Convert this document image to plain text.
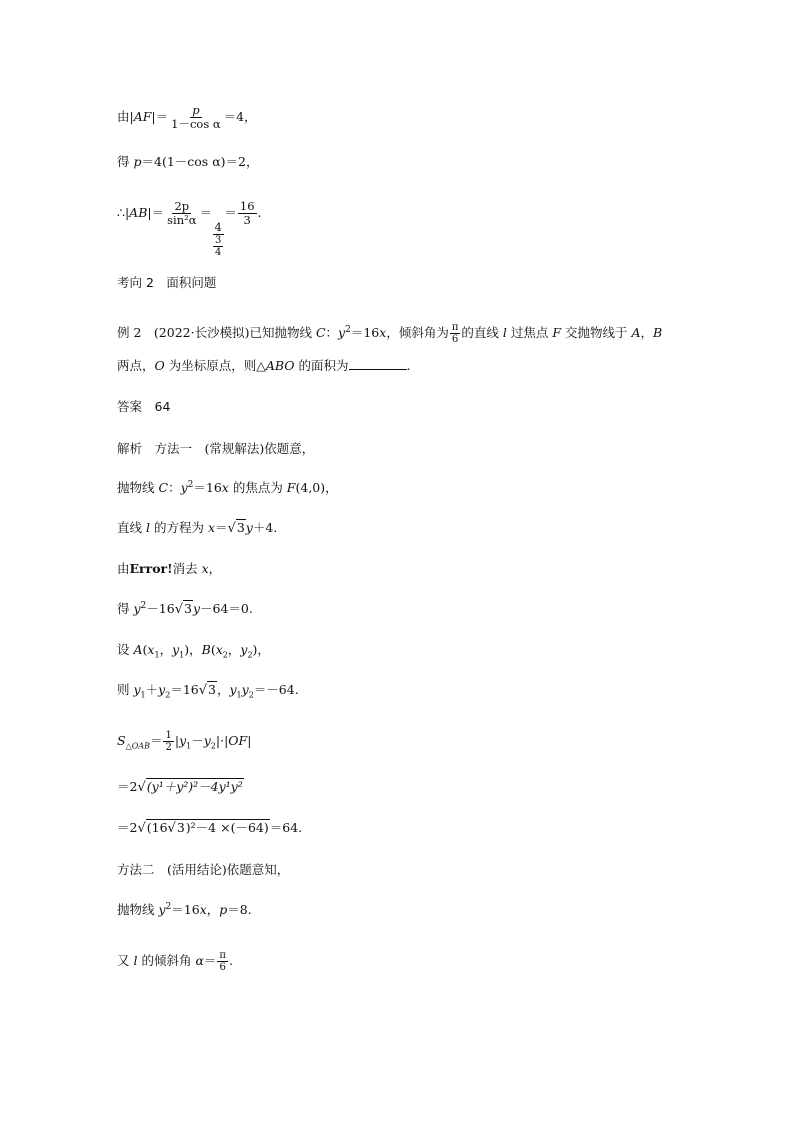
由$|AF|= \frac{p}{\text{1－cos α}} =4$，
得 p＝4(1－cos α)＝2，
∴|AB|＝ $\frac{2p}{\text{sin²α}}$ ＝
$\frac{4}{\frac{3}{4}}$
＝ $\frac{16}{3}$ .
考向 2　面积问题
例 2　(2022·长沙模拟)已知抛物线 C：$y^2=16x$，倾斜角为 $\frac{\pi}{6}$ 的直线 l 过焦点 F 交抛物线于 A，B
两点，O 为坐标原点，则△ABO 的面积为	.
答案　64
解析　方法一　(常规解法)依题意，
抛物线 C：$y^2=16x$ 的焦点为 F(4,0)，
直线 l 的方程为 x＝√3y＋4.
由Error!消去 x，
得 $y^2-16√3y-64=0$.
设 $A(x_1$，$y_1$)，$B(x_2$，$y_2$)，
则 $y_1+y_2=16√3$，$y_1y_2=-64$.
$S_{\triangle OAB}= \frac{1}{2} |y_1-y_2|\cdot|OF|$
＝2√(y¹＋y²)²－4y¹y²
＝2√(16√3)²－4 ×(－64)＝64.
方法二　(活用结论)依题意知，
抛物线 $y^2=16x$，p＝8.
又 l 的倾斜角 $\alpha= \frac{\pi}{6}$ .
